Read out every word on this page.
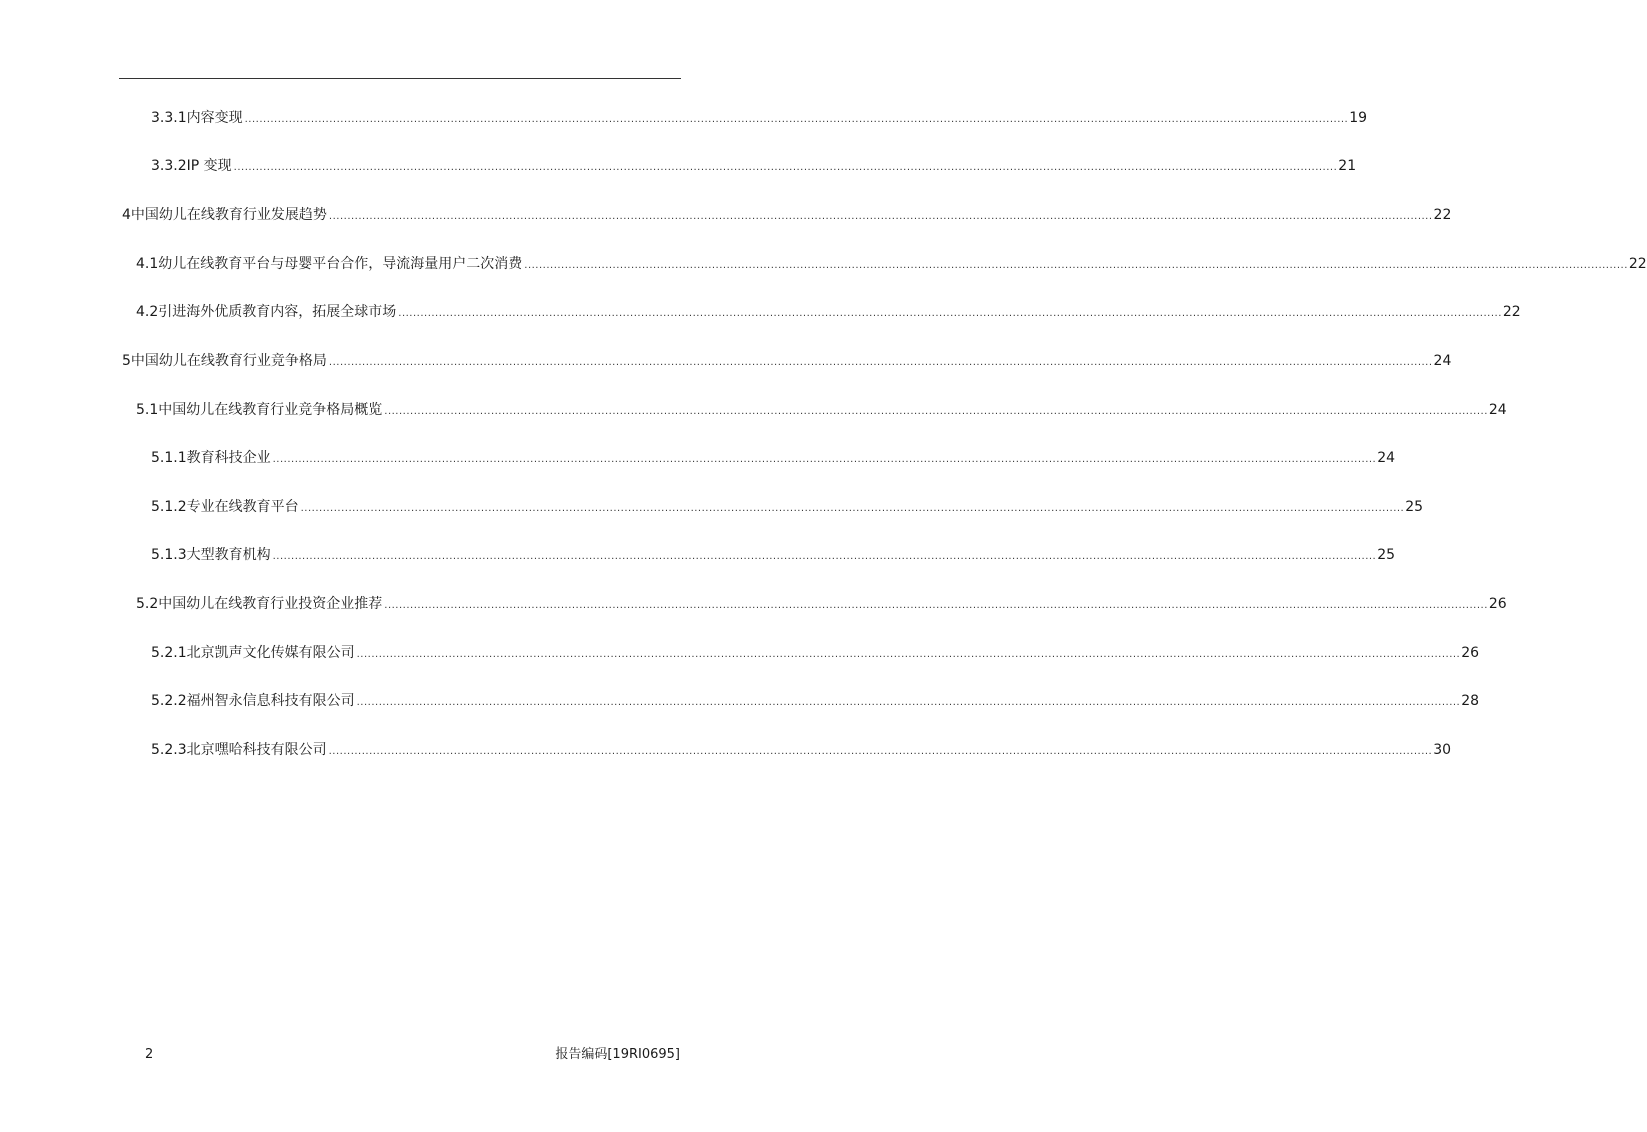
3.3.1 内容变现 ............................................................................................................................................................................................................................................................................................................ 19
3.3.2 IP 变现 ............................................................................................................................................................................................................................................................................................................ 21
4 中国幼儿在线教育行业发展趋势 ............................................................................................................................................................................................................................................................................................................ 22
4.1 幼儿在线教育平台与母婴平台合作，导流海量用户二次消费 ............................................................................................................................................................................................................................................................................................................ 22
4.2 引进海外优质教育内容，拓展全球市场 ............................................................................................................................................................................................................................................................................................................ 22
5 中国幼儿在线教育行业竞争格局 ............................................................................................................................................................................................................................................................................................................ 24
5.1 中国幼儿在线教育行业竞争格局概览 ............................................................................................................................................................................................................................................................................................................ 24
5.1.1 教育科技企业 ............................................................................................................................................................................................................................................................................................................ 24
5.1.2 专业在线教育平台 ............................................................................................................................................................................................................................................................................................................ 25
5.1.3 大型教育机构 ............................................................................................................................................................................................................................................................................................................ 25
5.2 中国幼儿在线教育行业投资企业推荐 ............................................................................................................................................................................................................................................................................................................ 26
5.2.1 北京凯声文化传媒有限公司 ............................................................................................................................................................................................................................................................................................................ 26
5.2.2 福州智永信息科技有限公司 ............................................................................................................................................................................................................................................................................................................ 28
5.2.3 北京嘿哈科技有限公司 ............................................................................................................................................................................................................................................................................................................ 30
2	报告编码[19RI0695]
